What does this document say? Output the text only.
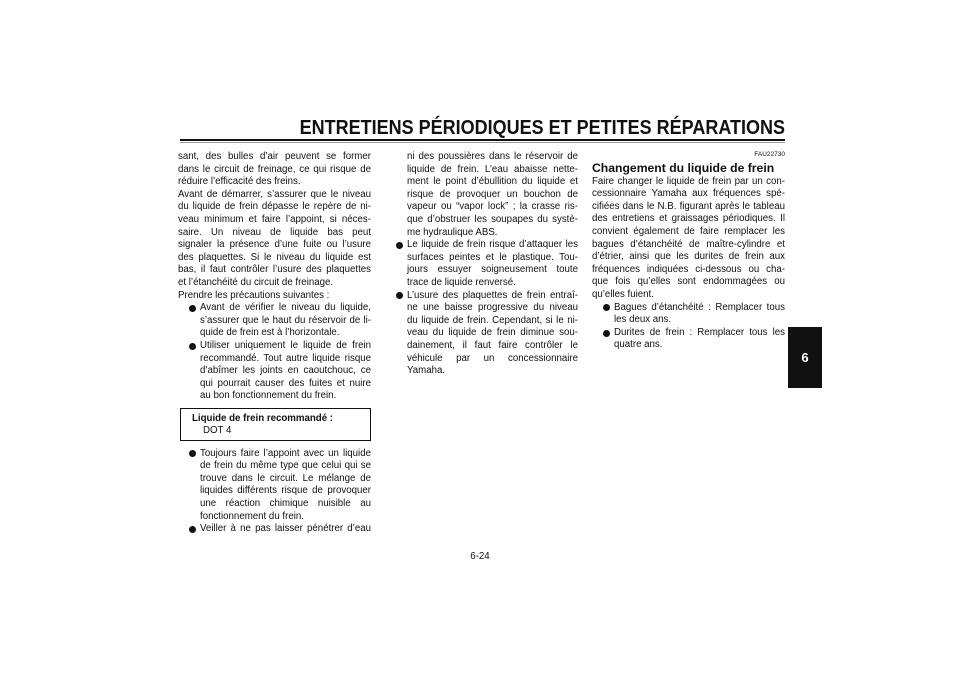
ENTRETIENS PÉRIODIQUES ET PETITES RÉPARATIONS
sant, des bulles d’air peuvent se former
dans le circuit de freinage, ce qui risque de
réduire l’efficacité des freins.
Avant de démarrer, s’assurer que le niveau
du liquide de frein dépasse le repère de ni-
veau minimum et faire l’appoint, si néces-
saire. Un niveau de liquide bas peut
signaler la présence d’une fuite ou l’usure
des plaquettes. Si le niveau du liquide est
bas, il faut contrôler l’usure des plaquettes
et l’étanchéité du circuit de freinage.
Prendre les précautions suivantes :
Avant de vérifier le niveau du liquide,
s’assurer que le haut du réservoir de li-
quide de frein est à l’horizontale.
Utiliser uniquement le liquide de frein
recommandé. Tout autre liquide risque
d’abîmer les joints en caoutchouc, ce
qui pourrait causer des fuites et nuire
au bon fonctionnement du frein.
Liquide de frein recommandé :
DOT 4
Toujours faire l’appoint avec un liquide
de frein du même type que celui qui se
trouve dans le circuit. Le mélange de
liquides différents risque de provoquer
une réaction chimique nuisible au
fonctionnement du frein.
Veiller à ne pas laisser pénétrer d’eau
ni des poussières dans le réservoir de
liquide de frein. L’eau abaisse nette-
ment le point d’ébullition du liquide et
risque de provoquer un bouchon de
vapeur ou “vapor lock” ; la crasse ris-
que d’obstruer les soupapes du systè-
me hydraulique ABS.
Le liquide de frein risque d’attaquer les
surfaces peintes et le plastique. Tou-
jours essuyer soigneusement toute
trace de liquide renversé.
L’usure des plaquettes de frein entraî-
ne une baisse progressive du niveau
du liquide de frein. Cependant, si le ni-
veau du liquide de frein diminue sou-
dainement, il faut faire contrôler le
véhicule par un concessionnaire
Yamaha.
FAU22730
Changement du liquide de frein
Faire changer le liquide de frein par un con-
cessionnaire Yamaha aux fréquences spé-
cifiées dans le N.B. figurant après le tableau
des entretiens et graissages périodiques. Il
convient également de faire remplacer les
bagues d’étanchéité de maître-cylindre et
d’étrier, ainsi que les durites de frein aux
fréquences indiquées ci-dessous ou cha-
que fois qu’elles sont endommagées ou
qu’elles fuient.
Bagues d’étanchéité : Remplacer tous
les deux ans.
Durites de frein : Remplacer tous les
quatre ans.
6
6-24
